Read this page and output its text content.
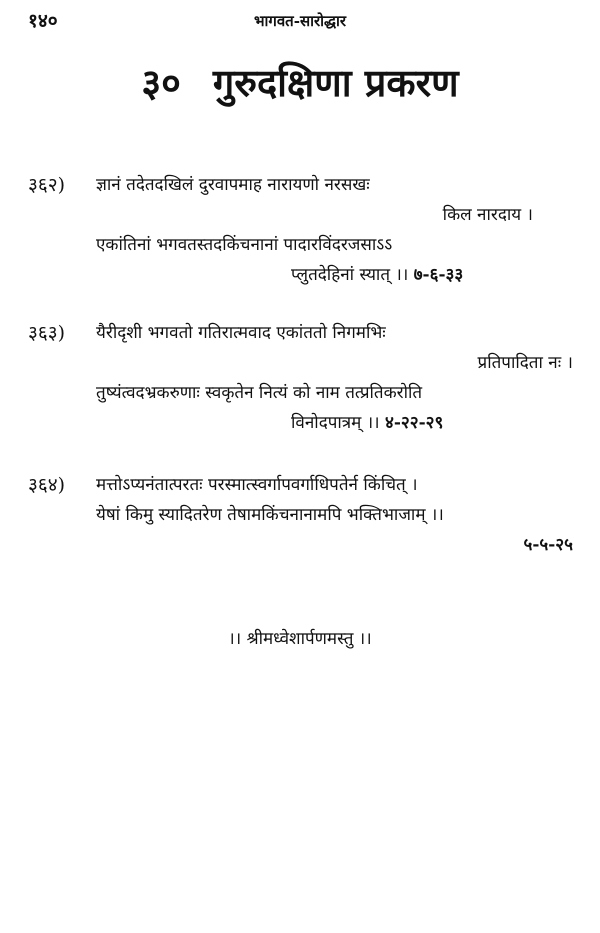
१४०	भागवत-सारोद्धार
३० गुरुदक्षिणा प्रकरण
३६२) ज्ञानं तदेतदखिलं दुरवापमाह नारायणो नरसखः
किल नारदाय ।
एकांतिनां भगवतस्तदकिंचनानां पादारविंदरजसाऽऽ
प्लुतदेहिनां स्यात् ।। ७-६-३३
३६३) यैरीदृशी भगवतो गतिरात्मवाद एकांततो निगमभिः
प्रतिपादिता नः ।
तुष्यंत्वदभ्रकरुणाः स्वकृतेन नित्यं को नाम तत्प्रतिकरोति
विनोदपात्रम् ।। ४-२२-२९
३६४) मत्तोऽप्यनंतात्परतः परस्मात्स्वर्गापवर्गाधिपतेर्न किंचित् ।
येषां किमु स्यादितरेण तेषामकिंचनानामपि भक्तिभाजाम् ।।
५-५-२५
।। श्रीमध्वेशार्पणमस्तु ।।
